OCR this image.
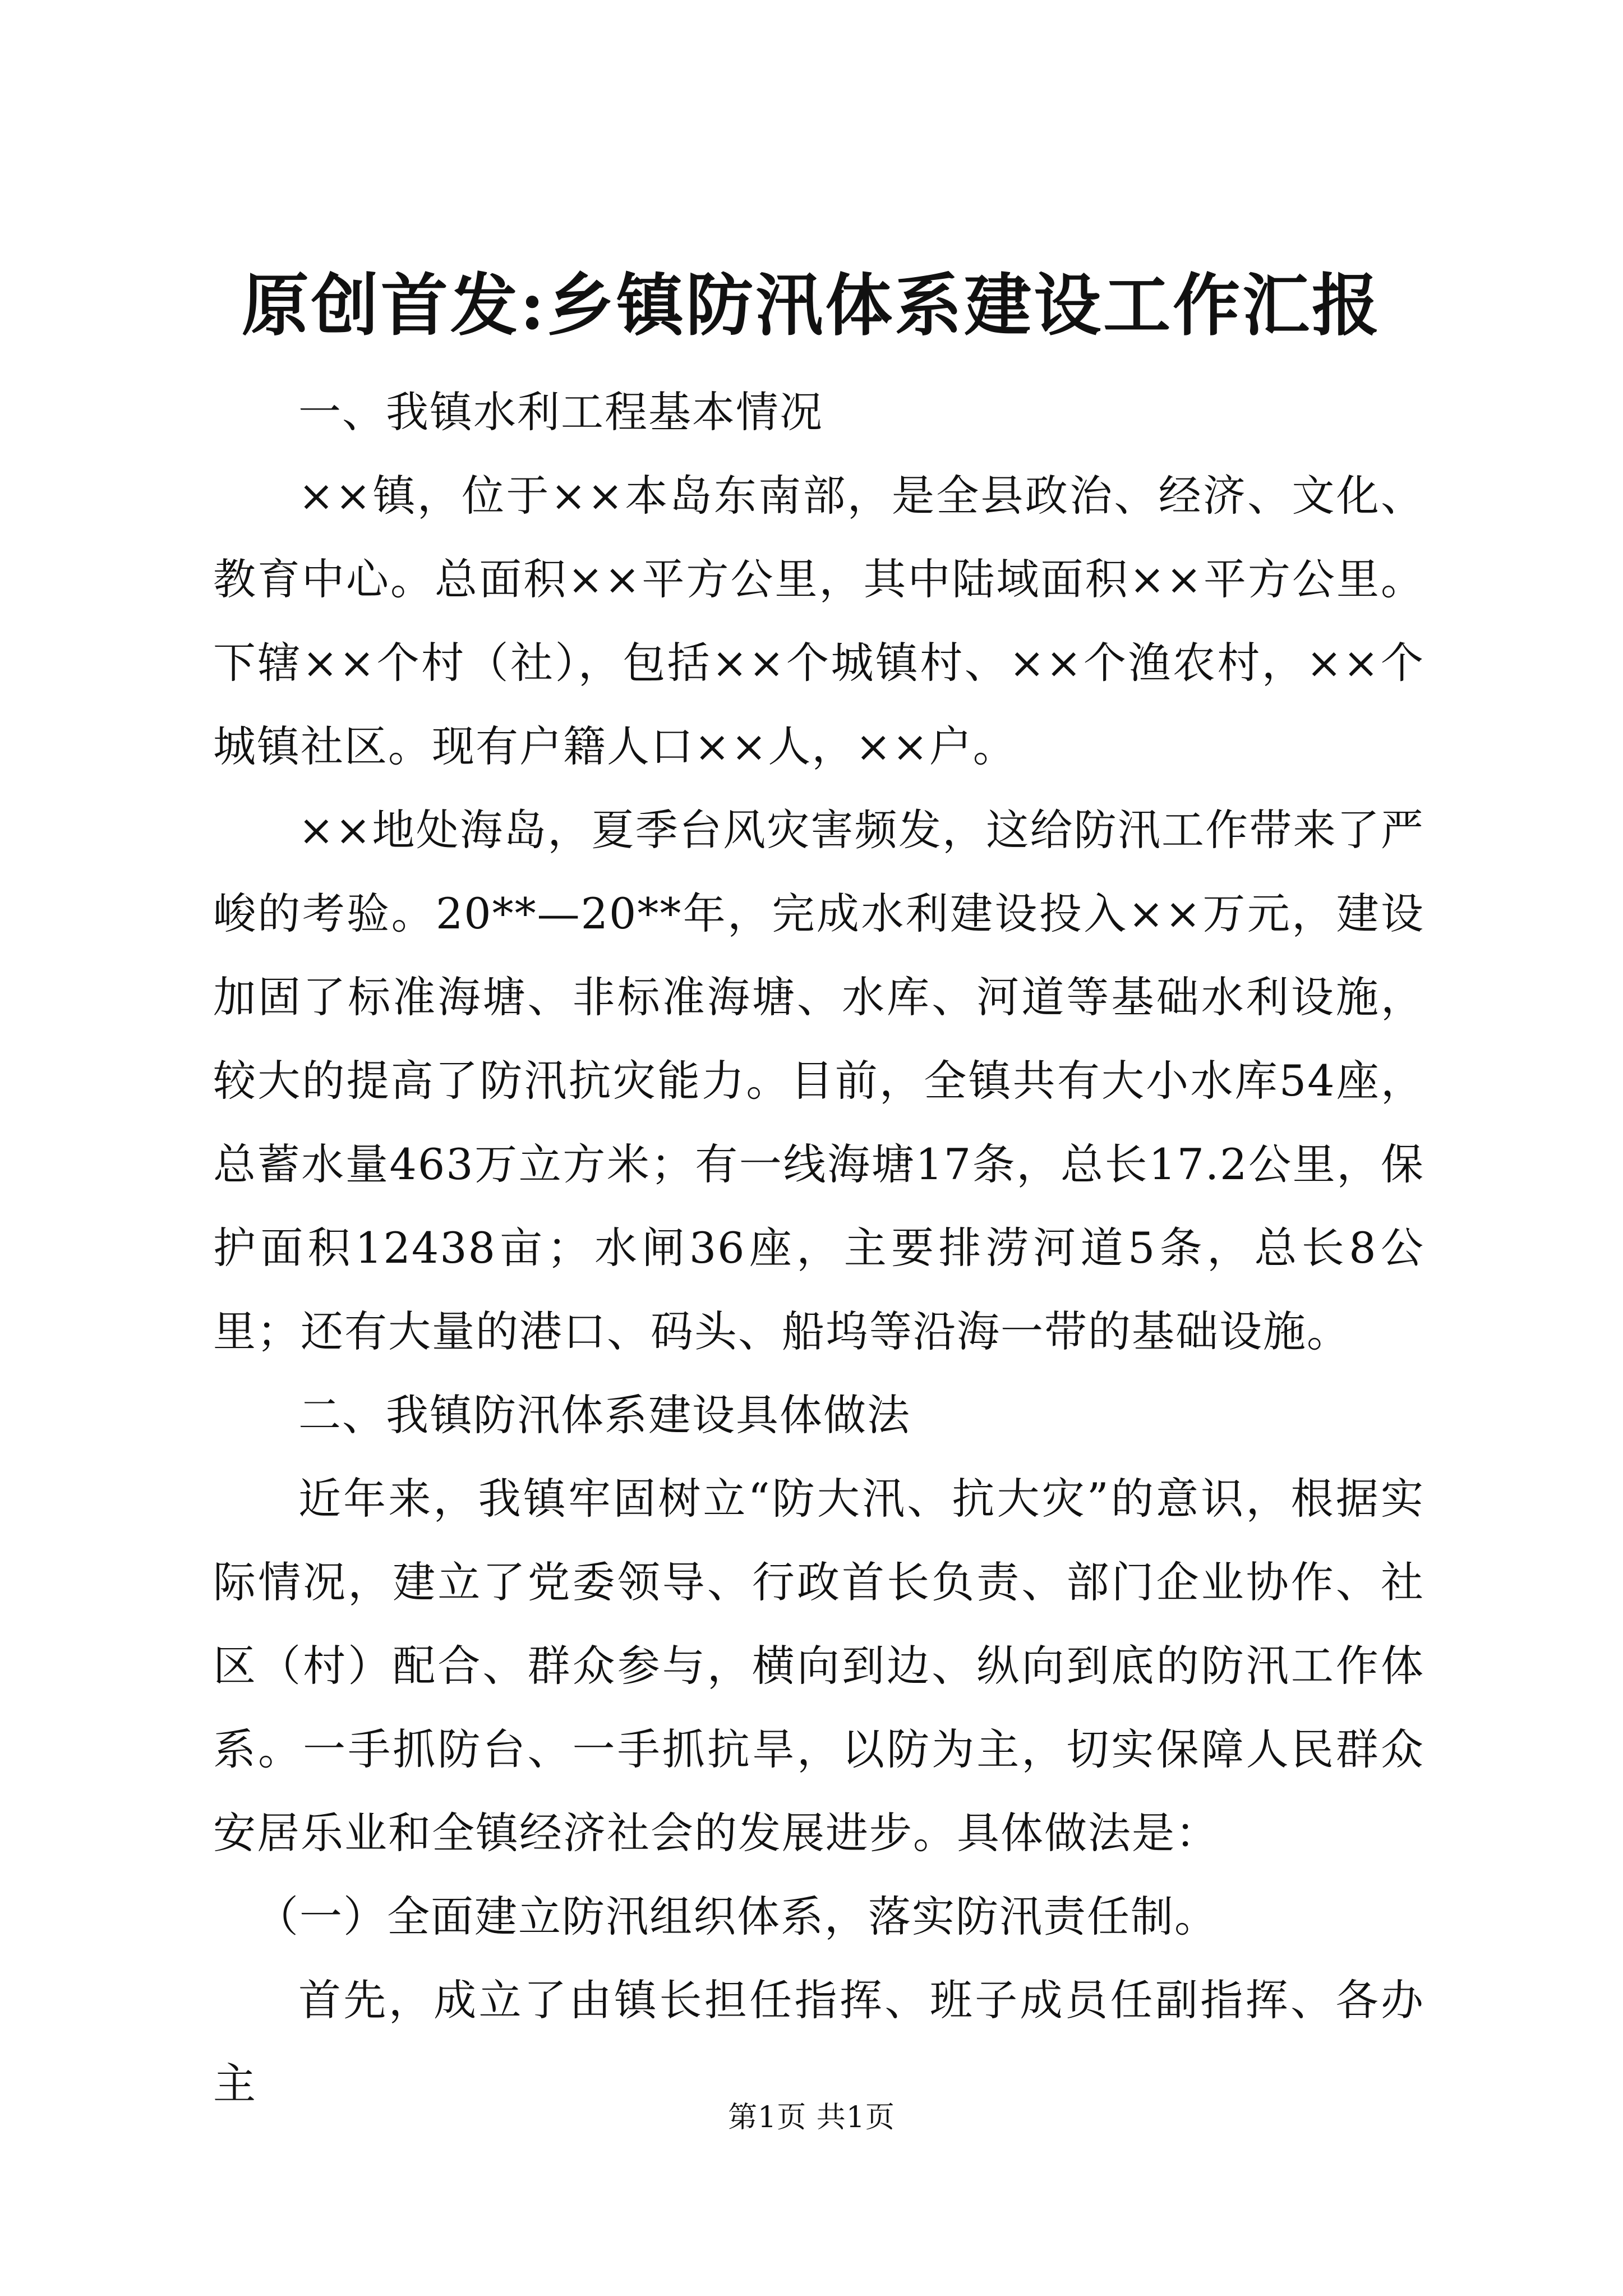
原创首发:乡镇防汛体系建设工作汇报

一、我镇水利工程基本情况

××镇，位于××本岛东南部，是全县政治、经济、文化、教育中心。总面积××平方公里，其中陆域面积××平方公里。下辖××个村（社），包括××个城镇村、××个渔农村，××个城镇社区。现有户籍人口××人，××户。

××地处海岛，夏季台风灾害频发，这给防汛工作带来了严峻的考验。20**—20**年，完成水利建设投入××万元，建设加固了标准海塘、非标准海塘、水库、河道等基础水利设施，较大的提高了防汛抗灾能力。目前，全镇共有大小水库54座，总蓄水量463万立方米；有一线海塘17条，总长17.2公里，保护面积12438亩；水闸36座，主要排涝河道5条，总长8公里；还有大量的港口、码头、船坞等沿海一带的基础设施。

二、我镇防汛体系建设具体做法

近年来，我镇牢固树立“防大汛、抗大灾”的意识，根据实际情况，建立了党委领导、行政首长负责、部门企业协作、社区（村）配合、群众参与，横向到边、纵向到底的防汛工作体系。一手抓防台、一手抓抗旱，以防为主，切实保障人民群众安居乐业和全镇经济社会的发展进步。具体做法是：

（一）全面建立防汛组织体系，落实防汛责任制。

首先，成立了由镇长担任指挥、班子成员任副指挥、各办主

第1页 共1页
